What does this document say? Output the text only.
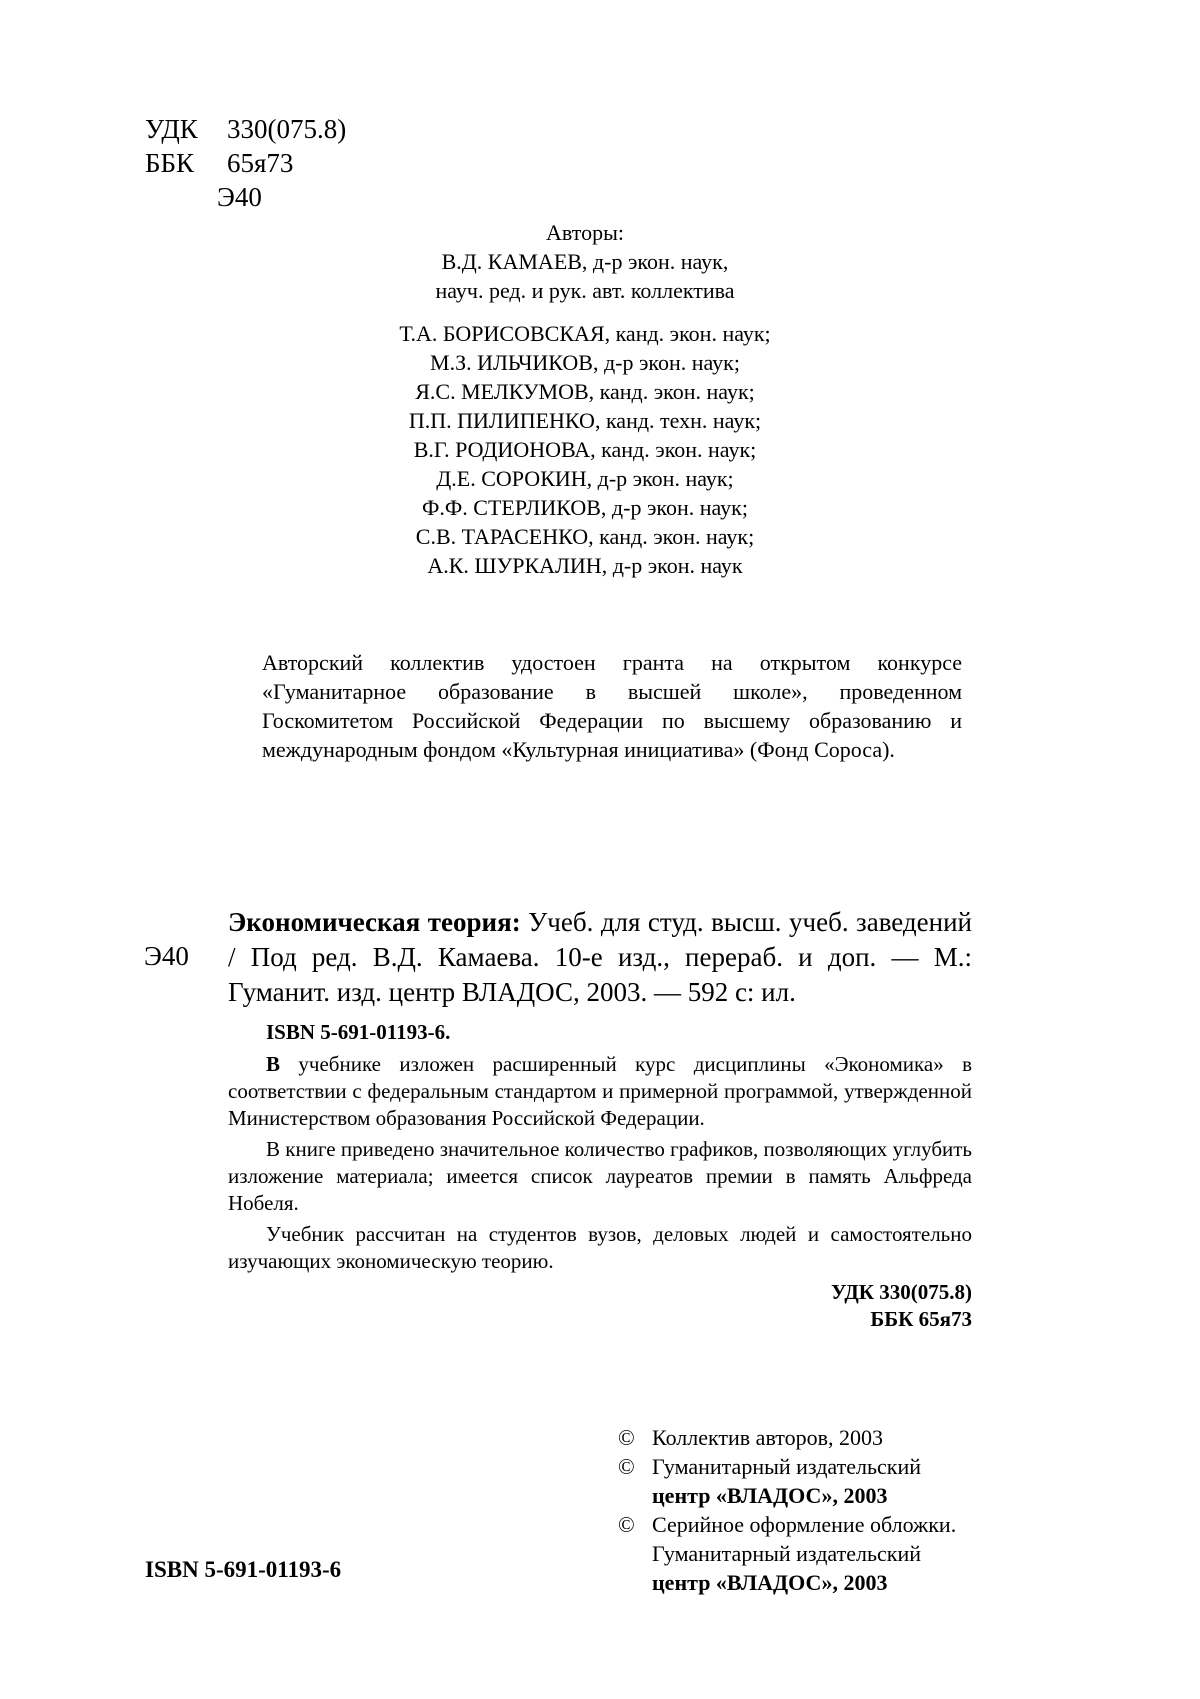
УДК 330(075.8)
ББК 65я73
Э40
Авторы:
В.Д. КАМАЕВ, д-р экон. наук,
науч. ред. и рук. авт. коллектива
Т.А. БОРИСОВСКАЯ, канд. экон. наук;
М.З. ИЛЬЧИКОВ, д-р экон. наук;
Я.С. МЕЛКУМОВ, канд. экон. наук;
П.П. ПИЛИПЕНКО, канд. техн. наук;
В.Г. РОДИОНОВА, канд. экон. наук;
Д.Е. СОРОКИН, д-р экон. наук;
Ф.Ф. СТЕРЛИКОВ, д-р экон. наук;
С.В. ТАРАСЕНКО, канд. экон. наук;
А.К. ШУРКАЛИН, д-р экон. наук
Авторский коллектив удостоен гранта на открытом конкурсе «Гуманитарное образование в высшей школе», проведенном Госкомитетом Российской Федерации по высшему образованию и международным фондом «Культурная инициатива» (Фонд Сороса).
Э40
Экономическая теория: Учеб. для студ. высш. учеб. заведений / Под ред. В.Д. Камаева. 10-е изд., перераб. и доп. — М.: Гуманит. изд. центр ВЛАДОС, 2003. — 592 с: ил.
ISBN 5-691-01193-6.

В учебнике изложен расширенный курс дисциплины «Экономика» в соответствии с федеральным стандартом и примерной программой, утвержденной Министерством образования Российской Федерации.

В книге приведено значительное количество графиков, позволяющих углубить изложение материала; имеется список лауреатов премии в память Альфреда Нобеля.

Учебник рассчитан на студентов вузов, деловых людей и самостоятельно изучающих экономическую теорию.

УДК 330(075.8)
ББК 65я73
© Коллектив авторов, 2003
© Гуманитарный издательский
центр «ВЛАДОС», 2003
© Серийное оформление обложки.
Гуманитарный издательский
центр «ВЛАДОС», 2003
ISBN 5-691-01193-6
